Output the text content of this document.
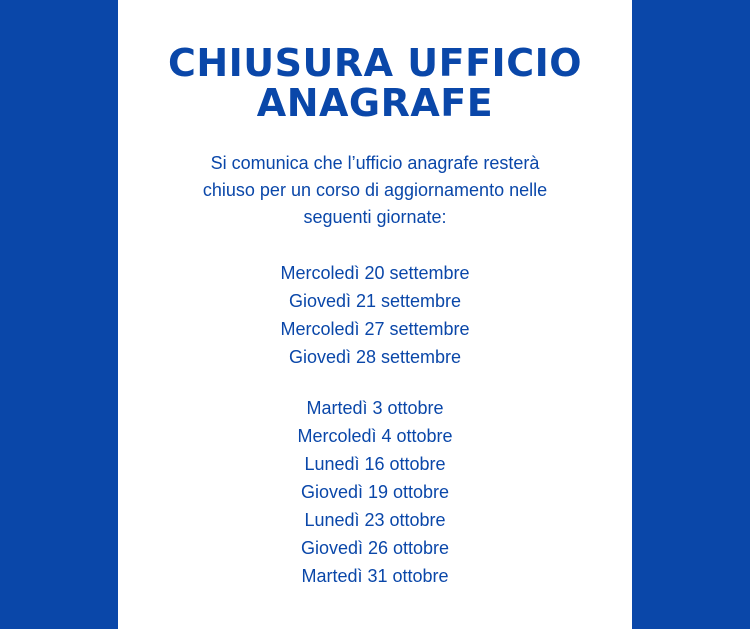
CHIUSURA UFFICIO
ANAGRAFE
Si comunica che l’ufficio anagrafe resterà
chiuso per un corso di aggiornamento nelle
seguenti giornate:
Mercoledì 20 settembre
Giovedì 21 settembre
Mercoledì 27 settembre
Giovedì 28 settembre
Martedì 3 ottobre
Mercoledì 4 ottobre
Lunedì 16 ottobre
Giovedì 19 ottobre
Lunedì 23 ottobre
Giovedì 26 ottobre
Martedì 31 ottobre
